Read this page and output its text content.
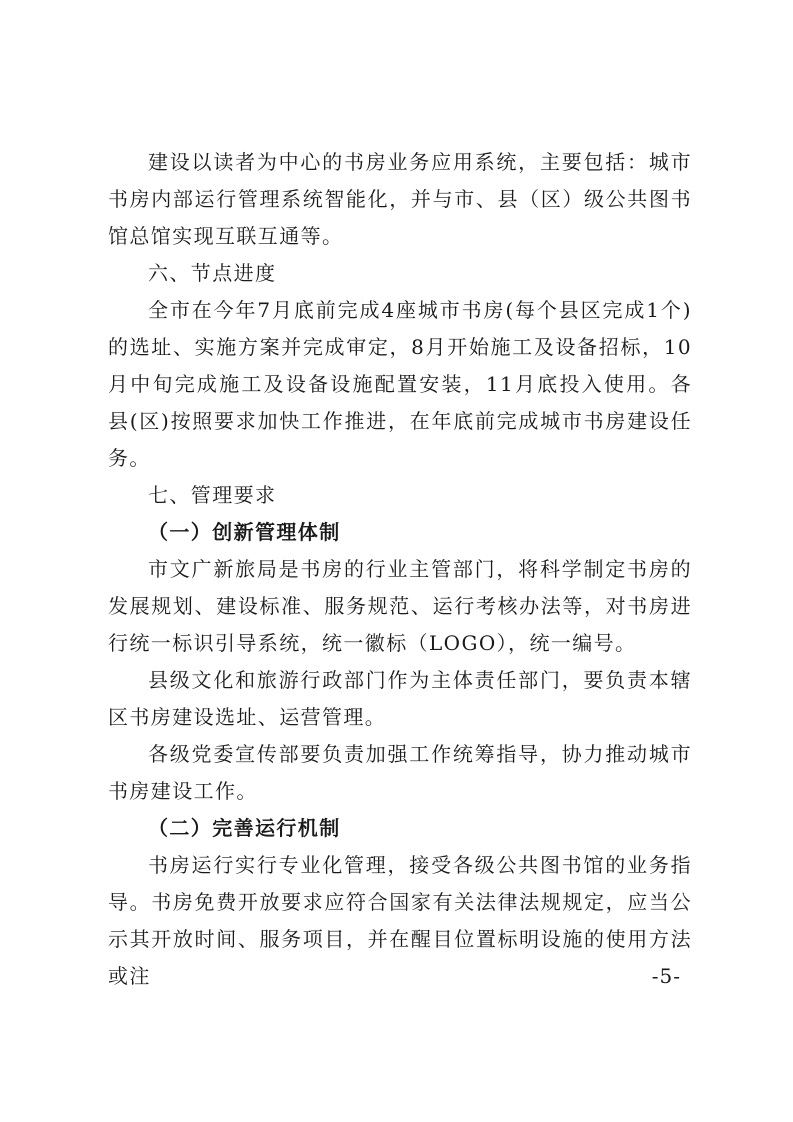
建设以读者为中心的书房业务应用系统，主要包括：城市书房内部运行管理系统智能化，并与市、县（区）级公共图书馆总馆实现互联互通等。

六、节点进度

全市在今年7月底前完成4座城市书房(每个县区完成1个)的选址、实施方案并完成审定，8月开始施工及设备招标，10月中旬完成施工及设备设施配置安装，11月底投入使用。各县(区)按照要求加快工作推进，在年底前完成城市书房建设任务。

七、管理要求

（一）创新管理体制

市文广新旅局是书房的行业主管部门，将科学制定书房的发展规划、建设标准、服务规范、运行考核办法等，对书房进行统一标识引导系统，统一徽标（LOGO），统一编号。

县级文化和旅游行政部门作为主体责任部门，要负责本辖区书房建设选址、运营管理。

各级党委宣传部要负责加强工作统筹指导，协力推动城市书房建设工作。

（二）完善运行机制

书房运行实行专业化管理，接受各级公共图书馆的业务指导。书房免费开放要求应符合国家有关法律法规规定，应当公示其开放时间、服务项目，并在醒目位置标明设施的使用方法或注	-5-
